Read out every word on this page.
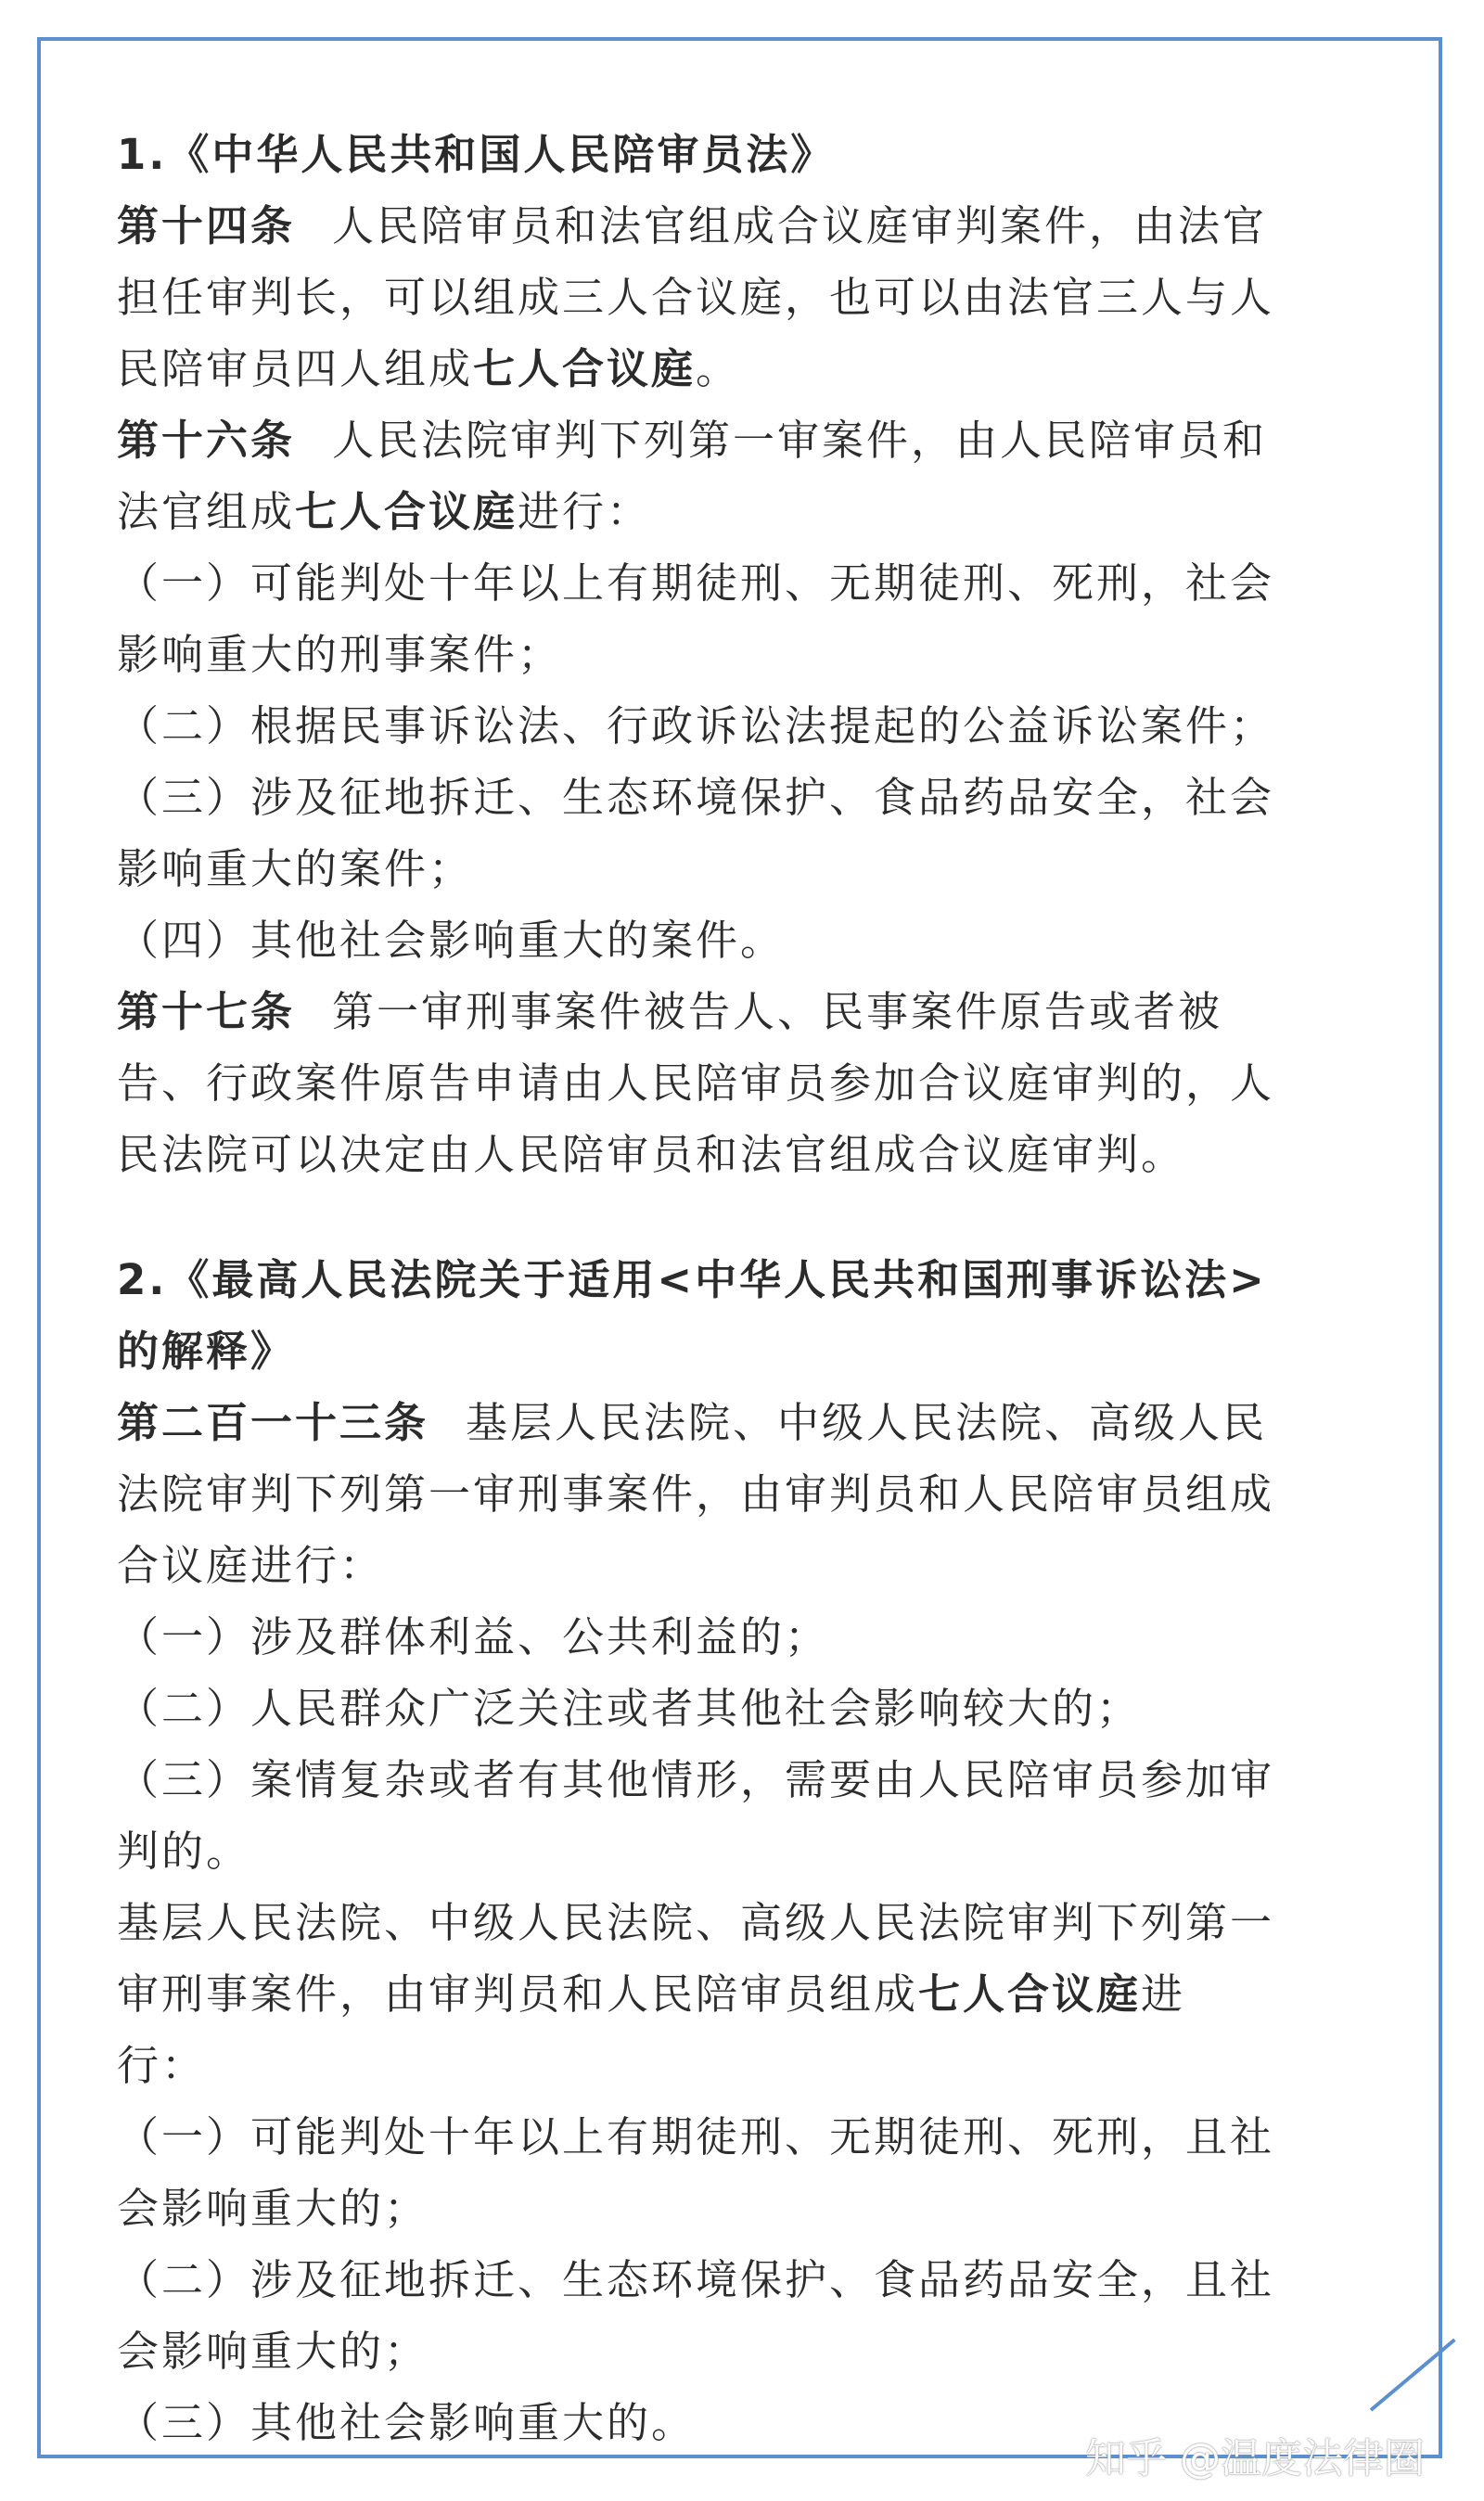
1.《中华人民共和国人民陪审员法》
第十四条 人民陪审员和法官组成合议庭审判案件，由法官
担任审判长，可以组成三人合议庭，也可以由法官三人与人
民陪审员四人组成七人合议庭。
第十六条 人民法院审判下列第一审案件，由人民陪审员和
法官组成七人合议庭进行：
（一）可能判处十年以上有期徒刑、无期徒刑、死刑，社会
影响重大的刑事案件；
（二）根据民事诉讼法、行政诉讼法提起的公益诉讼案件；
（三）涉及征地拆迁、生态环境保护、食品药品安全，社会
影响重大的案件；
（四）其他社会影响重大的案件。
第十七条 第一审刑事案件被告人、民事案件原告或者被
告、行政案件原告申请由人民陪审员参加合议庭审判的，人
民法院可以决定由人民陪审员和法官组成合议庭审判。
2.《最高人民法院关于适用<中华人民共和国刑事诉讼法>
的解释》
第二百一十三条 基层人民法院、中级人民法院、高级人民
法院审判下列第一审刑事案件，由审判员和人民陪审员组成
合议庭进行：
（一）涉及群体利益、公共利益的；
（二）人民群众广泛关注或者其他社会影响较大的；
（三）案情复杂或者有其他情形，需要由人民陪审员参加审
判的。
基层人民法院、中级人民法院、高级人民法院审判下列第一
审刑事案件，由审判员和人民陪审员组成七人合议庭进
行：
（一）可能判处十年以上有期徒刑、无期徒刑、死刑，且社
会影响重大的；
（二）涉及征地拆迁、生态环境保护、食品药品安全，且社
会影响重大的；
（三）其他社会影响重大的。
知乎 @温度法律圈
